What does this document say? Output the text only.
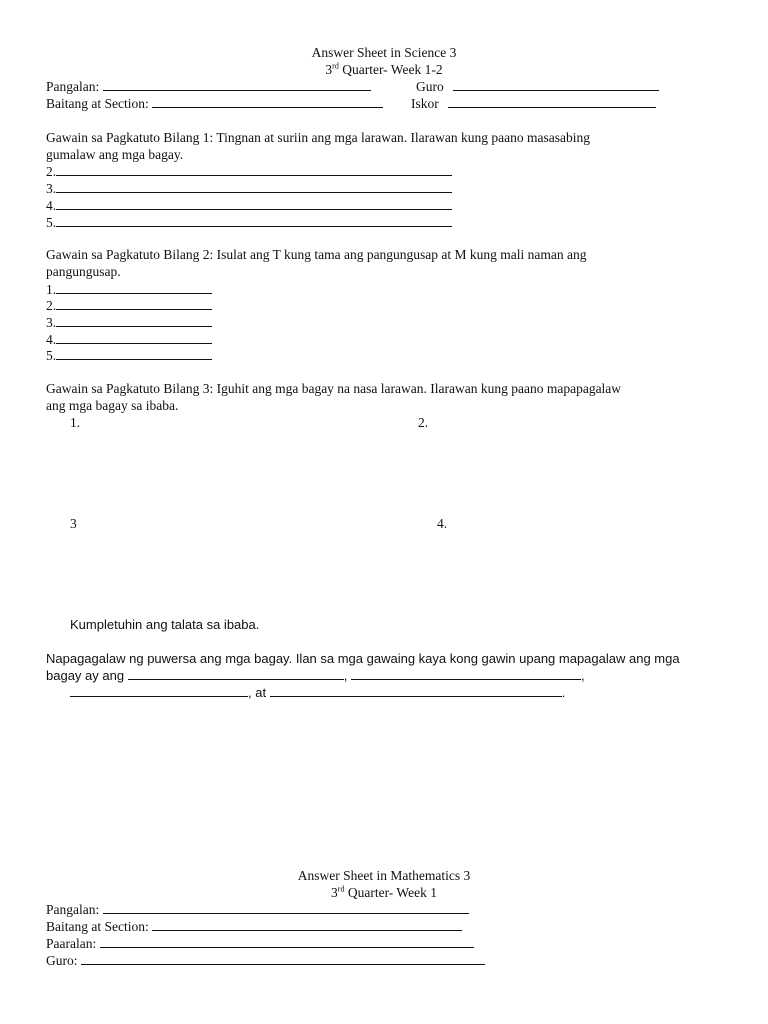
Answer Sheet in Science 3
3rd Quarter- Week 1-2
Pangalan:	Guro
Baitang at Section:	Iskor
Gawain sa Pagkatuto Bilang 1: Tingnan at suriin ang mga larawan. Ilarawan kung paano masasabing
gumalaw ang mga bagay.
2.
3.
4.
5.
Gawain sa Pagkatuto Bilang 2: Isulat ang T kung tama ang pangungusap at M kung mali naman ang
pangungusap.
1.
2.
3.
4.
5.
Gawain sa Pagkatuto Bilang 3: Iguhit ang mga bagay na nasa larawan. Ilarawan kung paano mapapagalaw
ang mga bagay sa ibaba.
1.	2.
3	4.
Kumpletuhin ang talata sa ibaba.
Napagagalaw ng puwersa ang mga bagay. Ilan sa mga gawaing kaya kong gawin upang mapagalaw ang mga
bagay ay ang	,	,
, at	.
Answer Sheet in Mathematics 3
3rd Quarter- Week 1
Pangalan:
Baitang at Section:
Paaralan:
Guro:
